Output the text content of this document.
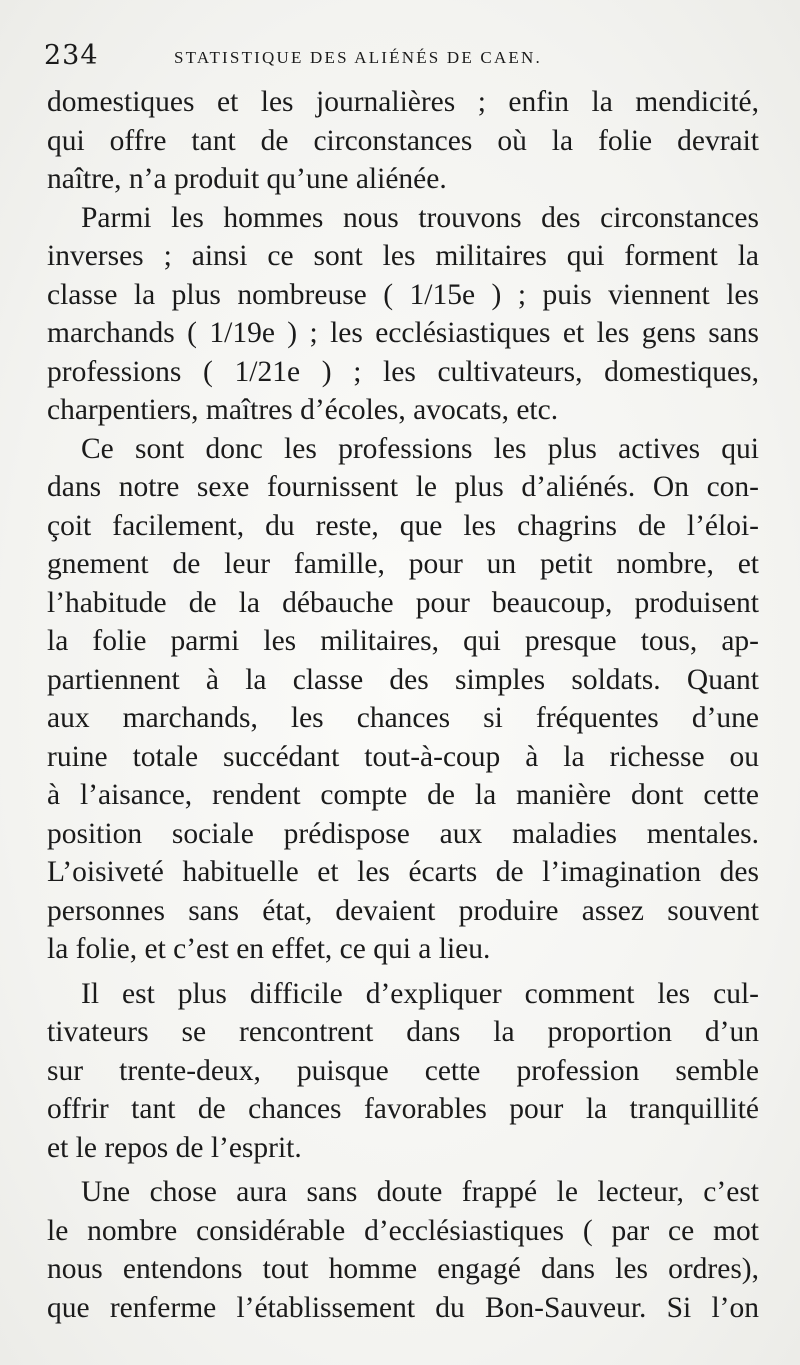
234	STATISTIQUE DES ALIÉNÉS DE CAEN.
domestiques et les journalières ; enfin la mendicité,
qui offre tant de circonstances où la folie devrait
naître, n’a produit qu’une aliénée.
Parmi les hommes nous trouvons des circonstances
inverses ; ainsi ce sont les militaires qui forment la
classe la plus nombreuse ( 1/15e ) ; puis viennent les
marchands ( 1/19e ) ; les ecclésiastiques et les gens sans
professions ( 1/21e ) ; les cultivateurs, domestiques,
charpentiers, maîtres d’écoles, avocats, etc.
Ce sont donc les professions les plus actives qui
dans notre sexe fournissent le plus d’aliénés. On con-
çoit facilement, du reste, que les chagrins de l’éloi-
gnement de leur famille, pour un petit nombre, et
l’habitude de la débauche pour beaucoup, produisent
la folie parmi les militaires, qui presque tous, ap-
partiennent à la classe des simples soldats. Quant
aux marchands, les chances si fréquentes d’une
ruine totale succédant tout-à-coup à la richesse ou
à l’aisance, rendent compte de la manière dont cette
position sociale prédispose aux maladies mentales.
L’oisiveté habituelle et les écarts de l’imagination des
personnes sans état, devaient produire assez souvent
la folie, et c’est en effet, ce qui a lieu.
Il est plus difficile d’expliquer comment les cul-
tivateurs se rencontrent dans la proportion d’un
sur trente-deux, puisque cette profession semble
offrir tant de chances favorables pour la tranquillité
et le repos de l’esprit.
Une chose aura sans doute frappé le lecteur, c’est
le nombre considérable d’ecclésiastiques ( par ce mot
nous entendons tout homme engagé dans les ordres),
que renferme l’établissement du Bon-Sauveur. Si l’on
